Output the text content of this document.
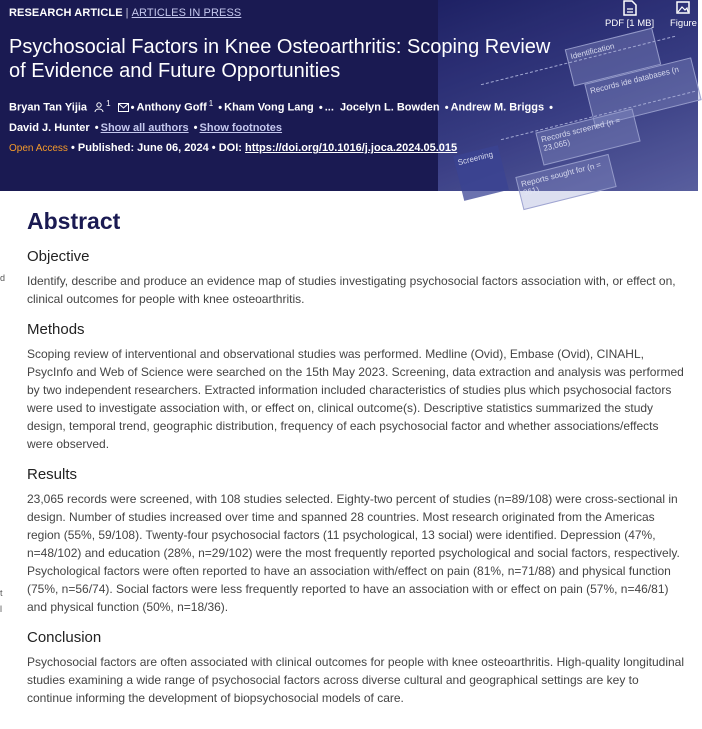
Identification
Records ide databases (n
Records screened (n = 23,065)
Reports sought for (n = 361)
Screening
RESEARCH ARTICLE | ARTICLES IN PRESS
PDF [1 MB] Figure
Psychosocial Factors in Knee Osteoarthritis: Scoping Review of Evidence and Future Opportunities
Bryan Tan Yijia $^1$ • Anthony Goff $^1$ • Kham Vong Lang • ... Jocelyn L. Bowden • Andrew M. Briggs •
David J. Hunter • Show all authors • Show footnotes
Open Access • Published: June 06, 2024 • DOI: https://doi.org/10.1016/j.joca.2024.05.015
d
t
l
Abstract
Objective

Identify, describe and produce an evidence map of studies investigating psychosocial factors association with, or effect on, clinical outcomes for people with knee osteoarthritis.

Methods

Scoping review of interventional and observational studies was performed. Medline (Ovid), Embase (Ovid), CINAHL, PsycInfo and Web of Science were searched on the 15th May 2023. Screening, data extraction and analysis was performed by two independent researchers. Extracted information included characteristics of studies plus which psychosocial factors were used to investigate association with, or effect on, clinical outcome(s). Descriptive statistics summarized the study design, temporal trend, geographic distribution, frequency of each psychosocial factor and whether associations/effects were observed.

Results

23,065 records were screened, with 108 studies selected. Eighty-two percent of studies (n=89/108) were cross-sectional in design. Number of studies increased over time and spanned 28 countries. Most research originated from the Americas region (55%, 59/108). Twenty-four psychosocial factors (11 psychological, 13 social) were identified. Depression (47%, n=48/102) and education (28%, n=29/102) were the most frequently reported psychological and social factors, respectively. Psychological factors were often reported to have an association with/effect on pain (81%, n=71/88) and physical function (75%, n=56/74). Social factors were less frequently reported to have an association with or effect on pain (57%, n=46/81) and physical function (50%, n=18/36).

Conclusion

Psychosocial factors are often associated with clinical outcomes for people with knee osteoarthritis. High-quality longitudinal studies examining a wide range of psychosocial factors across diverse cultural and geographical settings are key to continue informing the development of biopsychosocial models of care.
